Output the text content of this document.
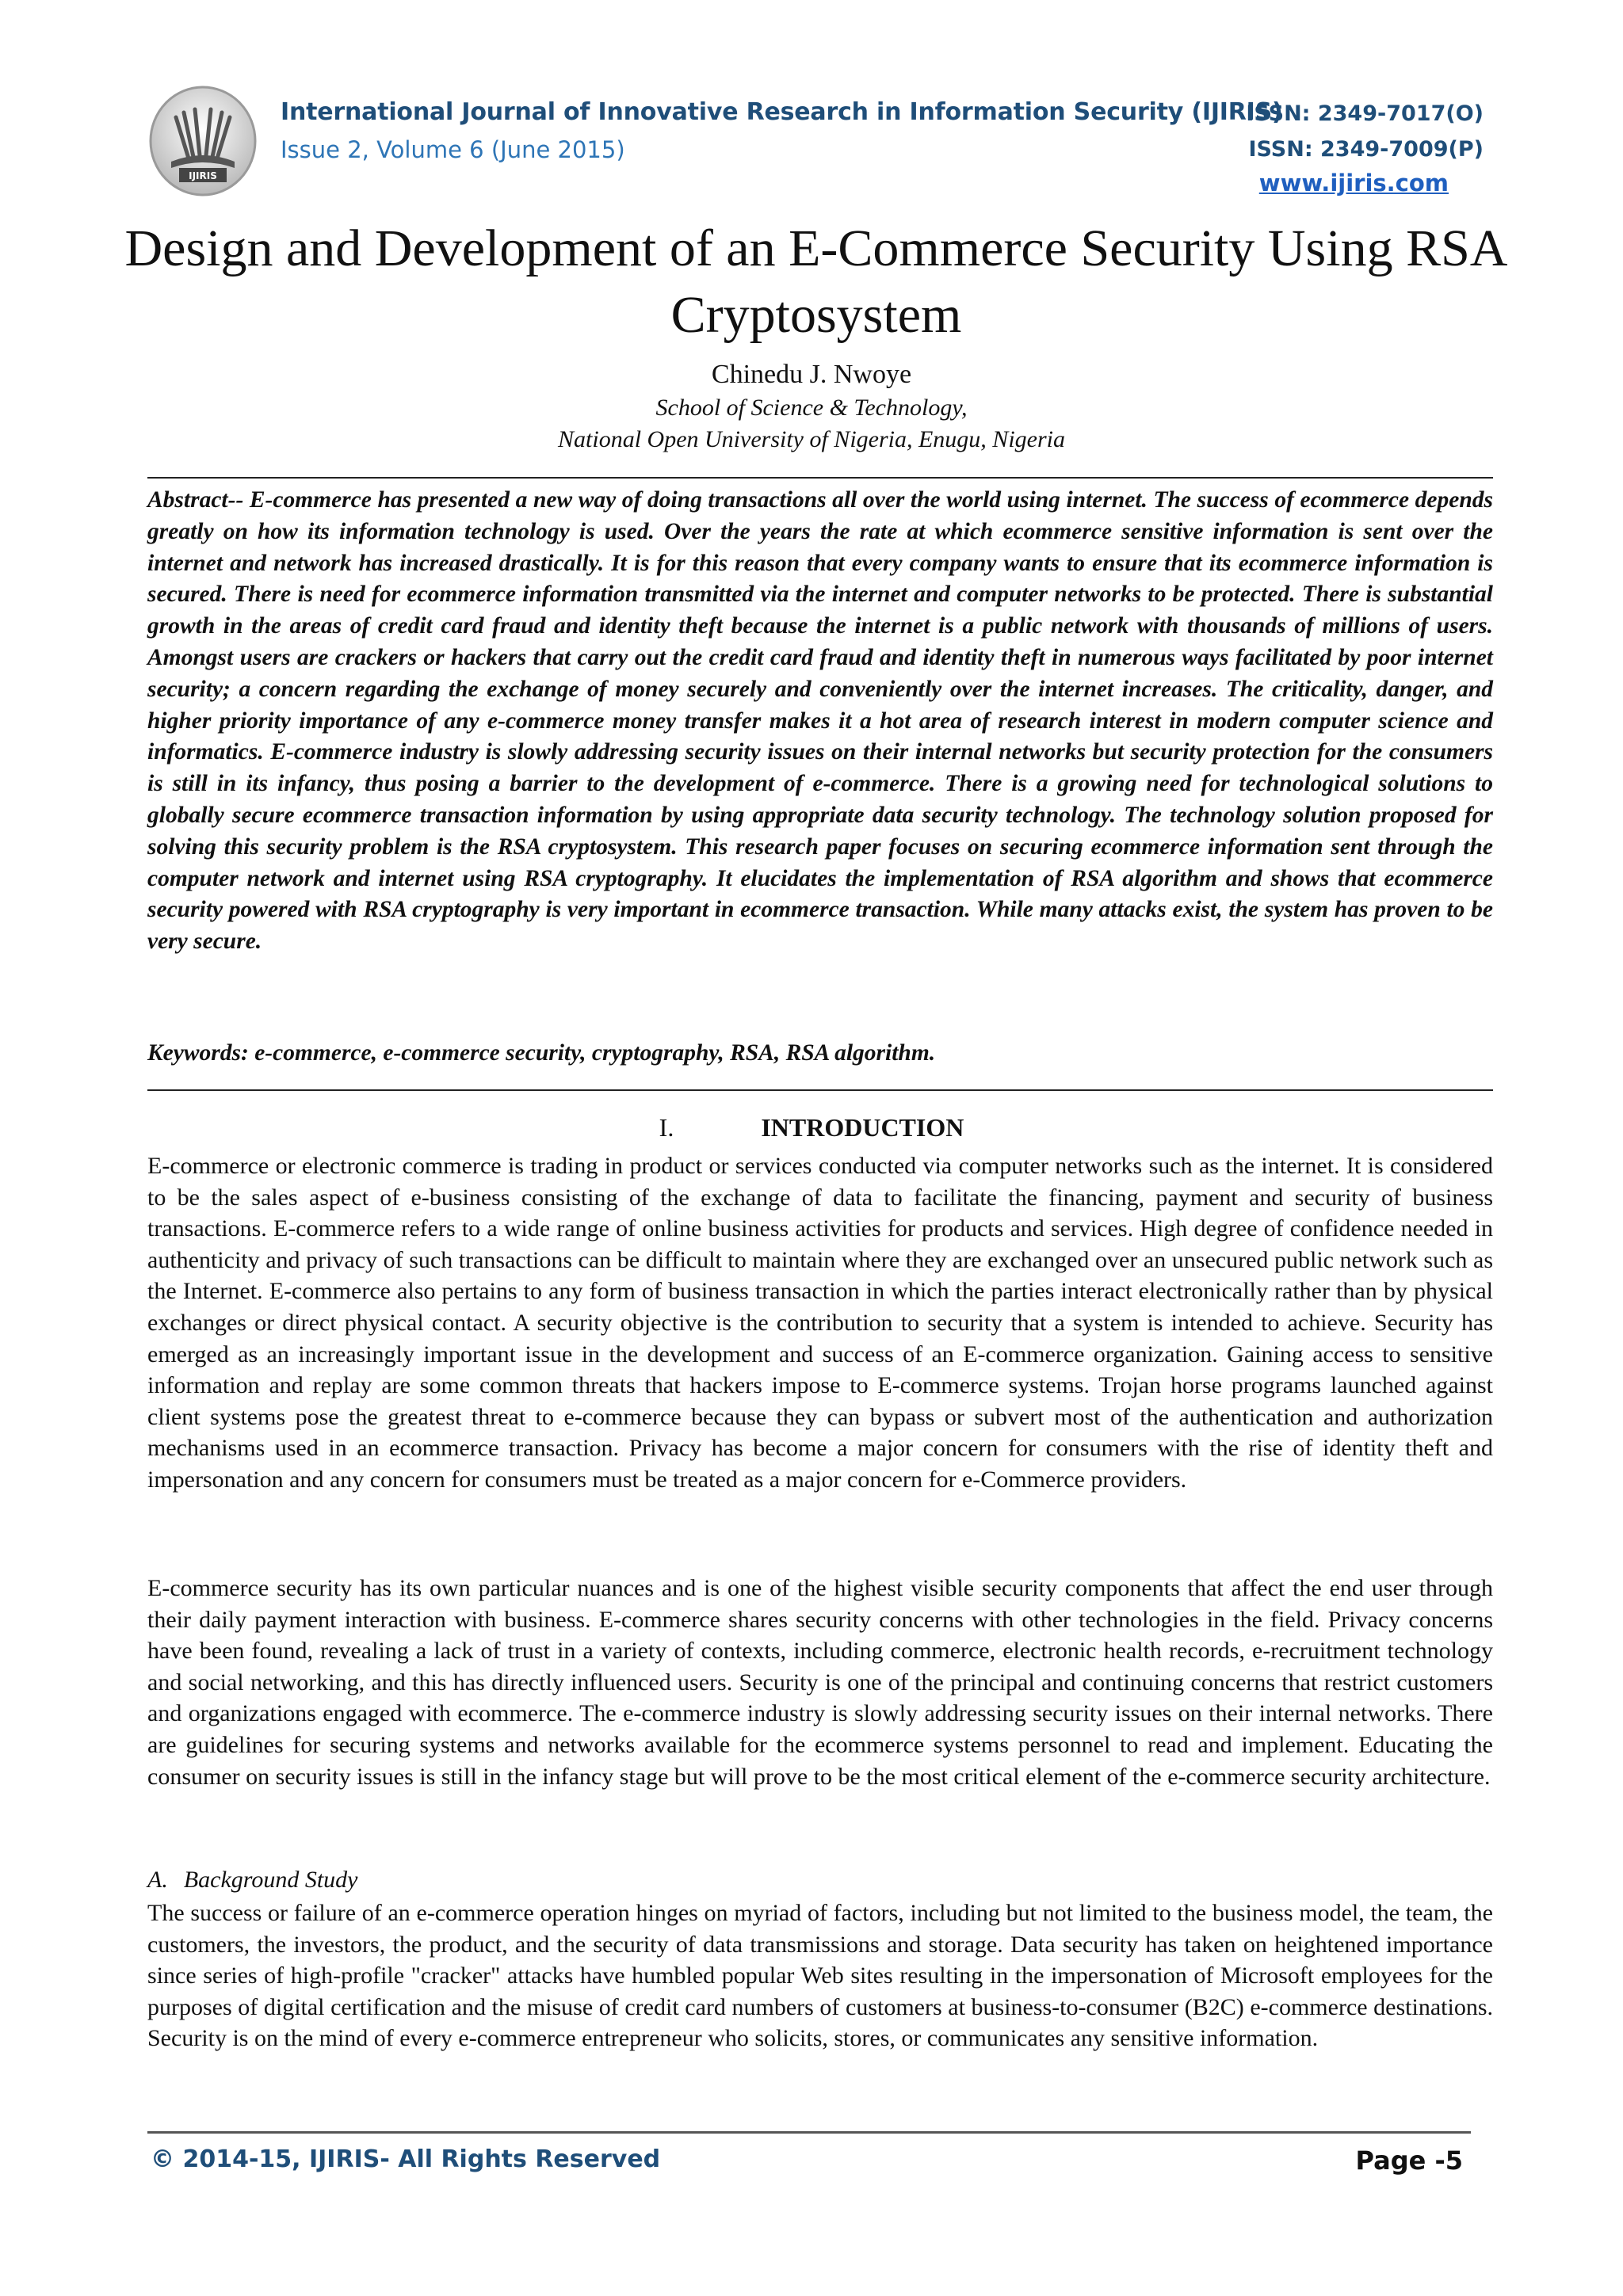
IJIRIS
International Journal of Innovative Research in Information Security (IJIRIS)
Issue 2, Volume 6 (June 2015)
ISSN: 2349-7017(O)
ISSN: 2349-7009(P)
www.ijiris.com
Design and Development of an E-Commerce Security Using RSA Cryptosystem
Chinedu J. Nwoye
School of Science & Technology,
National Open University of Nigeria, Enugu, Nigeria

Abstract-- E-commerce has presented a new way of doing transactions all over the world using internet. The success of ecommerce depends greatly on how its information technology is used. Over the years the rate at which ecommerce sensitive information is sent over the internet and network has increased drastically. It is for this reason that every company wants to ensure that its ecommerce information is secured. There is need for ecommerce information transmitted via the internet and computer networks to be protected. There is substantial growth in the areas of credit card fraud and identity theft because the internet is a public network with thousands of millions of users. Amongst users are crackers or hackers that carry out the credit card fraud and identity theft in numerous ways facilitated by poor internet security; a concern regarding the exchange of money securely and conveniently over the internet increases. The criticality, danger, and higher priority importance of any e-commerce money transfer makes it a hot area of research interest in modern computer science and informatics. E-commerce industry is slowly addressing security issues on their internal networks but security protection for the consumers is still in its infancy, thus posing a barrier to the development of e-commerce. There is a growing need for technological solutions to globally secure ecommerce transaction information by using appropriate data security technology. The technology solution proposed for solving this security problem is the RSA cryptosystem. This research paper focuses on securing ecommerce information sent through the computer network and internet using RSA cryptography. It elucidates the implementation of RSA algorithm and shows that ecommerce security powered with RSA cryptography is very important in ecommerce transaction. While many attacks exist, the system has proven to be very secure.

Keywords: e-commerce, e-commerce security, cryptography, RSA, RSA algorithm.

I.	INTRODUCTION

E-commerce or electronic commerce is trading in product or services conducted via computer networks such as the internet. It is considered to be the sales aspect of e-business consisting of the exchange of data to facilitate the financing, payment and security of business transactions. E-commerce refers to a wide range of online business activities for products and services. High degree of confidence needed in authenticity and privacy of such transactions can be difficult to maintain where they are exchanged over an unsecured public network such as the Internet. E-commerce also pertains to any form of business transaction in which the parties interact electronically rather than by physical exchanges or direct physical contact. A security objective is the contribution to security that a system is intended to achieve. Security has emerged as an increasingly important issue in the development and success of an E-commerce organization. Gaining access to sensitive information and replay are some common threats that hackers impose to E-commerce systems. Trojan horse programs launched against client systems pose the greatest threat to e-commerce because they can bypass or subvert most of the authentication and authorization mechanisms used in an ecommerce transaction. Privacy has become a major concern for consumers with the rise of identity theft and impersonation and any concern for consumers must be treated as a major concern for e-Commerce providers.

E-commerce security has its own particular nuances and is one of the highest visible security components that affect the end user through their daily payment interaction with business. E-commerce shares security concerns with other technologies in the field. Privacy concerns have been found, revealing a lack of trust in a variety of contexts, including commerce, electronic health records, e-recruitment technology and social networking, and this has directly influenced users. Security is one of the principal and continuing concerns that restrict customers and organizations engaged with ecommerce. The e-commerce industry is slowly addressing security issues on their internal networks. There are guidelines for securing systems and networks available for the ecommerce systems personnel to read and implement. Educating the consumer on security issues is still in the infancy stage but will prove to be the most critical element of the e-commerce security architecture.

A. Background Study

The success or failure of an e-commerce operation hinges on myriad of factors, including but not limited to the business model, the team, the customers, the investors, the product, and the security of data transmissions and storage. Data security has taken on heightened importance since series of high-profile "cracker" attacks have humbled popular Web sites resulting in the impersonation of Microsoft employees for the purposes of digital certification and the misuse of credit card numbers of customers at business-to-consumer (B2C) e-commerce destinations. Security is on the mind of every e-commerce entrepreneur who solicits, stores, or communicates any sensitive information.

© 2014-15, IJIRIS- All Rights Reserved	Page -5
